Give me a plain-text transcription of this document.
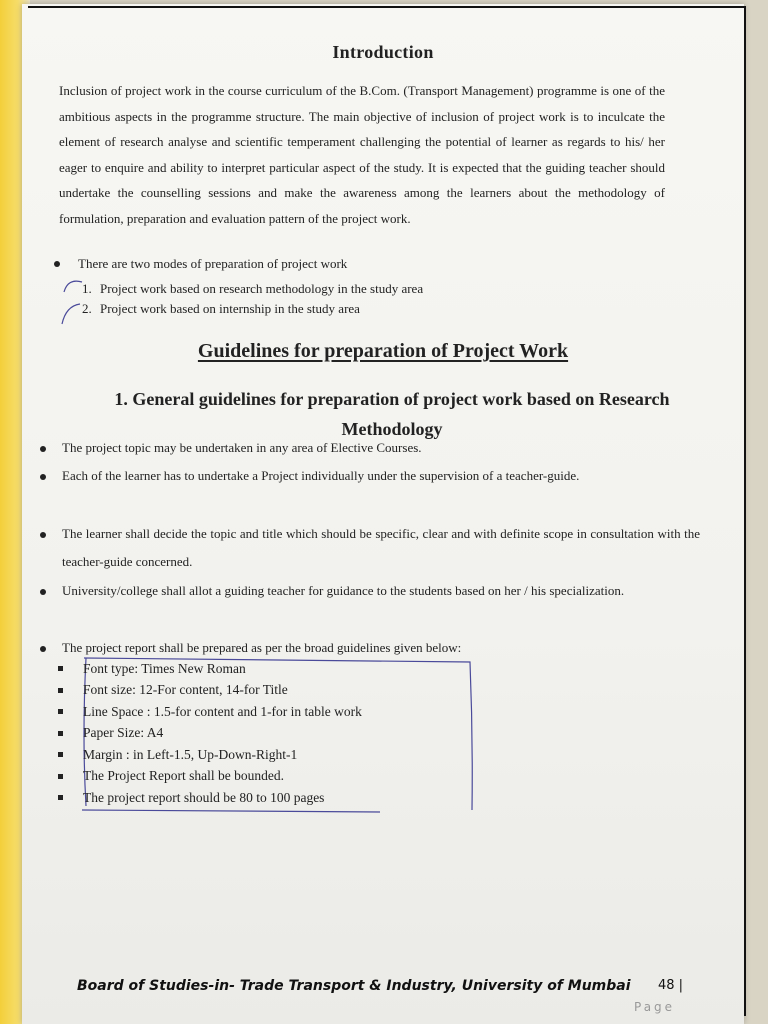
Introduction

Inclusion of project work in the course curriculum of the B.Com. (Transport Management) programme is one of the ambitious aspects in the programme structure. The main objective of inclusion of project work is to inculcate the element of research analyse and scientific temperament challenging the potential of learner as regards to his/ her eager to enquire and ability to interpret particular aspect of the study. It is expected that the guiding teacher should undertake the counselling sessions and make the awareness among the learners about the methodology of formulation, preparation and evaluation pattern of the project work.

There are two modes of preparation of project work
1. Project work based on research methodology in the study area
2. Project work based on internship in the study area
Guidelines for preparation of Project Work
1. General guidelines for preparation of project work based on Research Methodology
The project topic may be undertaken in any area of Elective Courses.
Each of the learner has to undertake a Project individually under the supervision of a teacher-guide.
The learner shall decide the topic and title which should be specific, clear and with definite scope in consultation with the teacher-guide concerned.
University/college shall allot a guiding teacher for guidance to the students based on her / his specialization.
The project report shall be prepared as per the broad guidelines given below:
Font type: Times New Roman
Font size: 12-For content, 14-for Title
Line Space : 1.5-for content and 1-for in table work
Paper Size: A4
Margin : in Left-1.5, Up-Down-Right-1
The Project Report shall be bounded.
The project report should be 80 to 100 pages
Board of Studies-in- Trade Transport & Industry, University of Mumbai 48 |
Page
